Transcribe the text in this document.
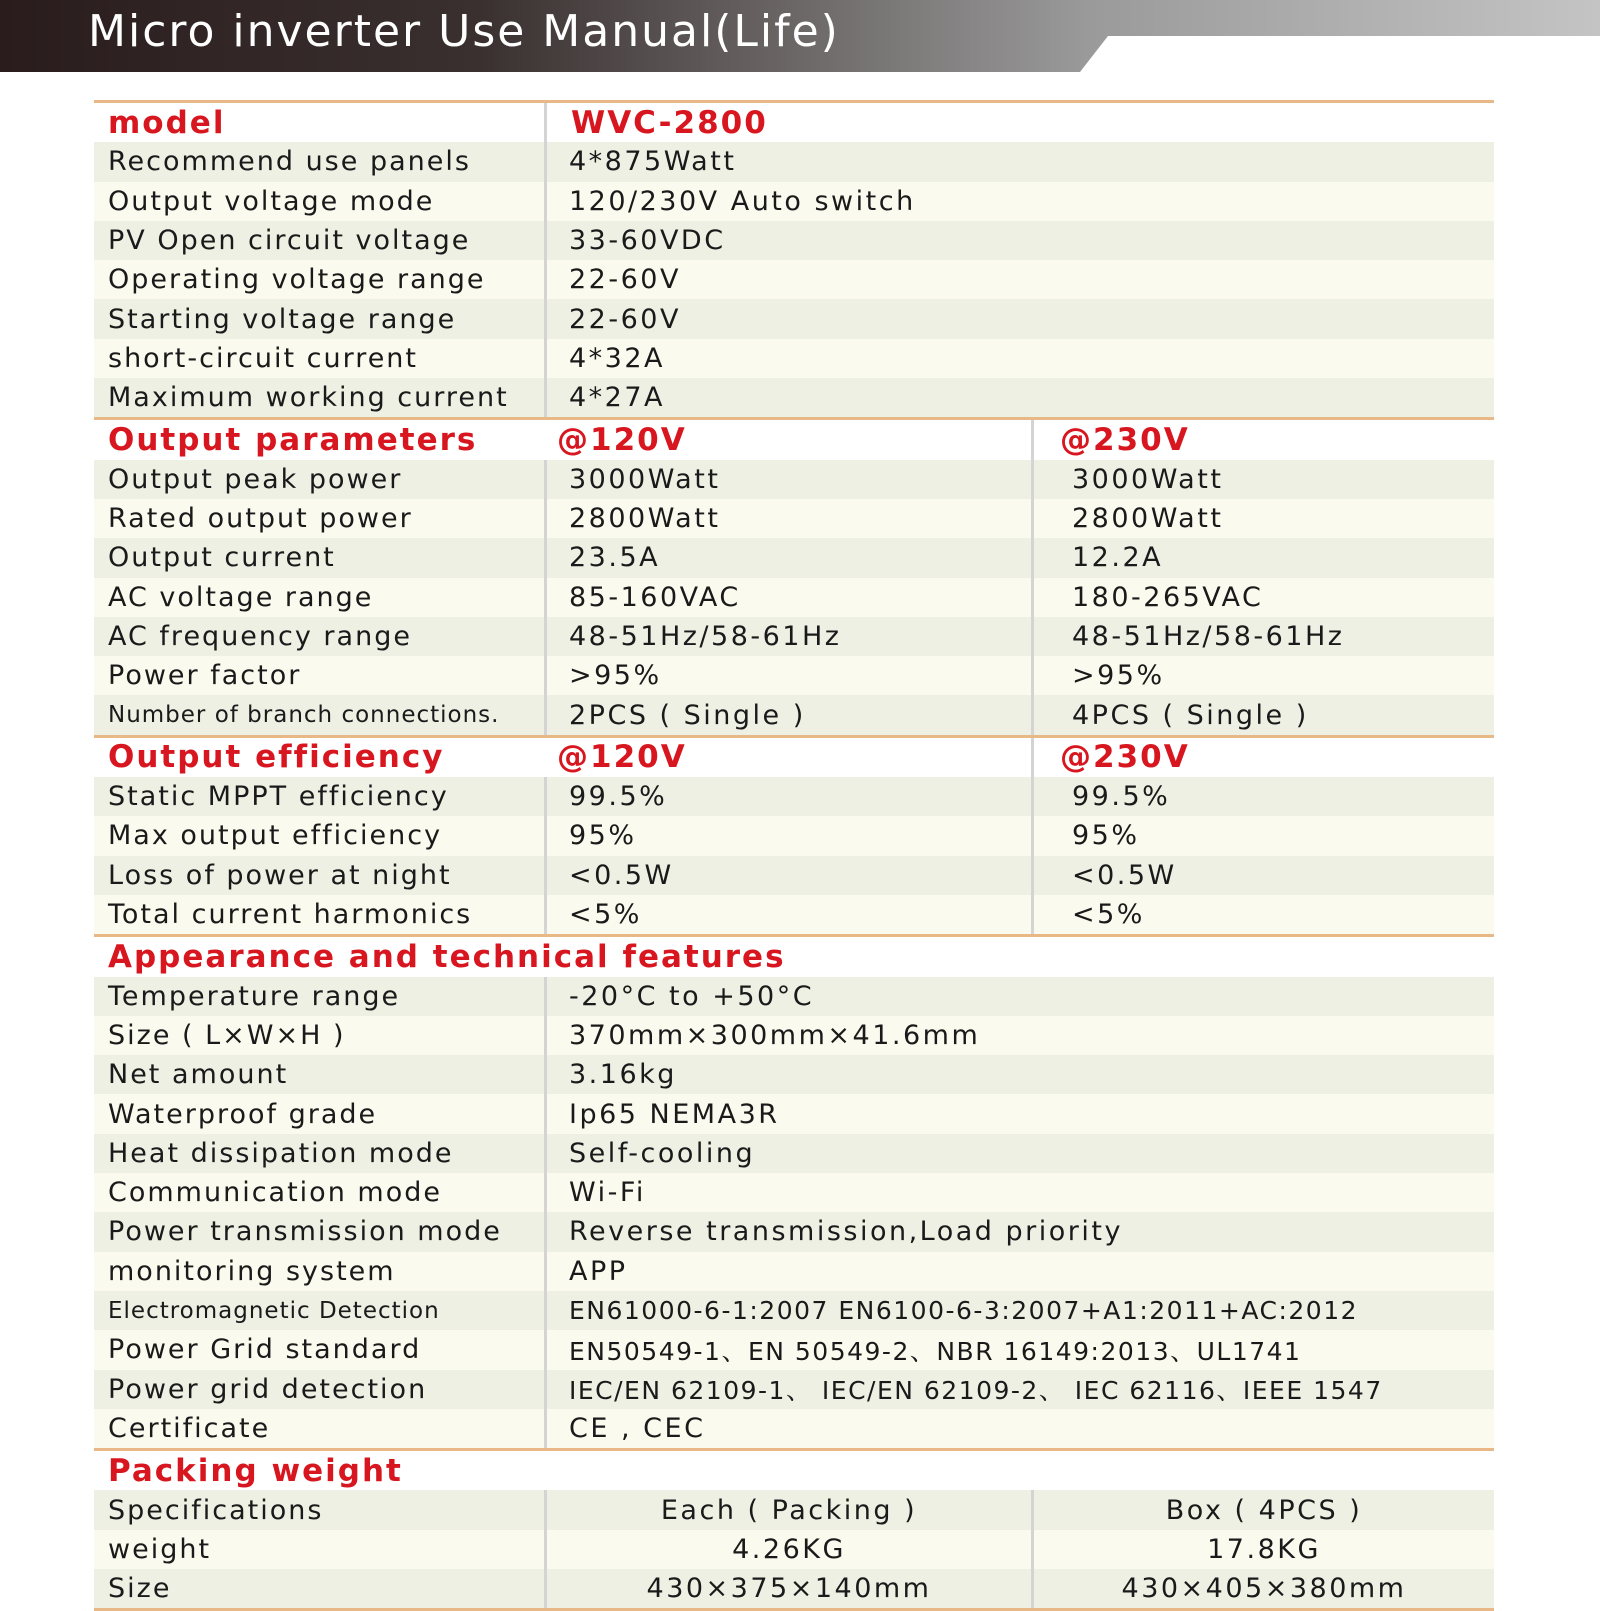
Micro inverter Use Manual(Life)
model	WVC-2800
Recommend use panels	4*875Watt
Output voltage mode	120/230V Auto switch
PV Open circuit voltage	33-60VDC
Operating voltage range	22-60V
Starting voltage range	22-60V
short-circuit current	4*32A
Maximum working current	4*27A
Output parameters	@120V	@230V
Output peak power	3000Watt	3000Watt
Rated output power	2800Watt	2800Watt
Output current	23.5A	12.2A
AC voltage range	85-160VAC	180-265VAC
AC frequency range	48-51Hz/58-61Hz	48-51Hz/58-61Hz
Power factor	>95%	>95%
Number of branch connections.	2PCS ( Single )	4PCS ( Single )
Output efficiency	@120V	@230V
Static MPPT efficiency	99.5%	99.5%
Max output efficiency	95%	95%
Loss of power at night	<0.5W	<0.5W
Total current harmonics	<5%	<5%
Appearance and technical features
Temperature range	-20°C to +50°C
Size ( L×W×H )	370mm×300mm×41.6mm
Net amount	3.16kg
Waterproof grade	Ip65 NEMA3R
Heat dissipation mode	Self-cooling
Communication mode	Wi-Fi
Power transmission mode	Reverse transmission,Load priority
monitoring system	APP
Electromagnetic Detection	EN61000-6-1:2007 EN6100-6-3:2007+A1:2011+AC:2012
Power Grid standard	EN50549-1、EN 50549-2、NBR 16149:2013、UL1741
Power grid detection	IEC/EN 62109-1、 IEC/EN 62109-2、 IEC 62116、IEEE 1547
Certificate	CE , CEC
Packing weight
Specifications	Each ( Packing )	Box ( 4PCS )
weight	4.26KG	17.8KG
Size	430×375×140mm	430×405×380mm
